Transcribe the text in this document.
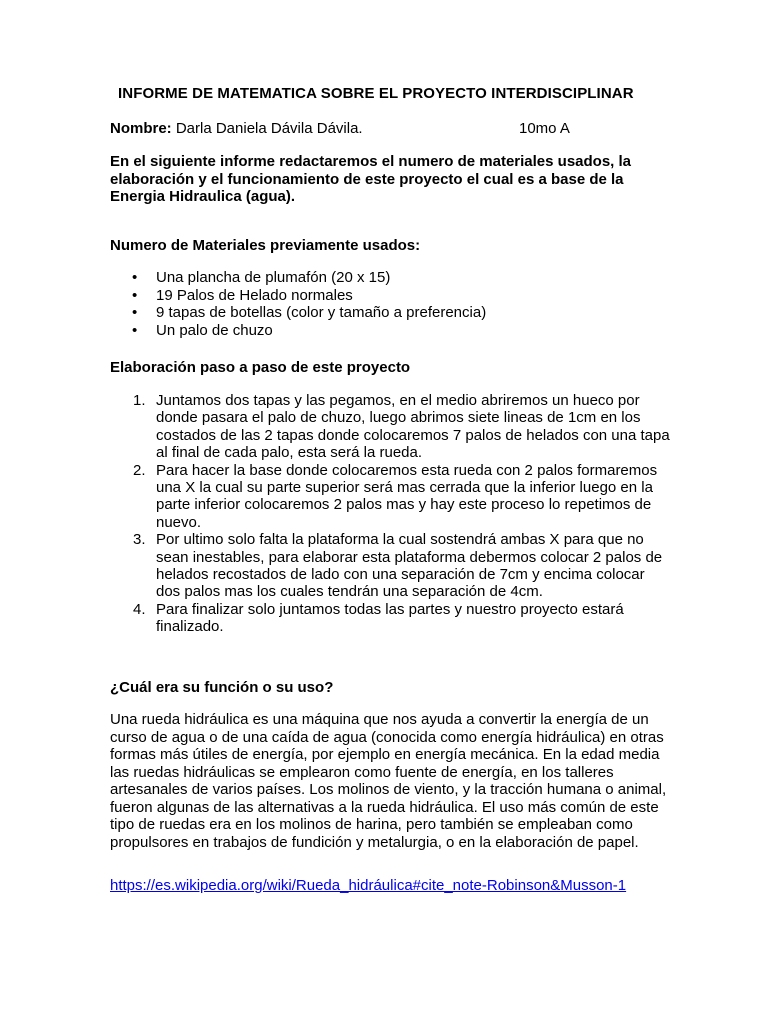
INFORME DE MATEMATICA SOBRE EL PROYECTO INTERDISCIPLINAR
Nombre: Darla Daniela Dávila Dávila.	10mo A
En el siguiente informe redactaremos el numero de materiales usados, la elaboración y el funcionamiento de este proyecto el cual es a base de la Energia Hidraulica (agua).
Numero de Materiales previamente usados:
• Una plancha de plumafón (20 x 15)
• 19 Palos de Helado normales
• 9 tapas de botellas (color y tamaño a preferencia)
• Un palo de chuzo
Elaboración paso a paso de este proyecto
1. Juntamos dos tapas y las pegamos, en el medio abriremos un hueco por donde pasara el palo de chuzo, luego abrimos siete lineas de 1cm en los costados de las 2 tapas donde colocaremos 7 palos de helados con una tapa al final de cada palo, esta será la rueda.
2. Para hacer la base donde colocaremos esta rueda con 2 palos formaremos una X la cual su parte superior será mas cerrada que la inferior luego en la parte inferior colocaremos 2 palos mas y hay este proceso lo repetimos de nuevo.
3. Por ultimo solo falta la plataforma la cual sostendrá ambas X para que no sean inestables, para elaborar esta plataforma debermos colocar 2 palos de helados recostados de lado con una separación de 7cm y encima colocar dos palos mas los cuales tendrán una separación de 4cm.
4. Para finalizar solo juntamos todas las partes y nuestro proyecto estará finalizado.
¿Cuál era su función o su uso?
Una rueda hidráulica es una máquina que nos ayuda a convertir la energía de un curso de agua o de una caída de agua (conocida como energía hidráulica) en otras formas más útiles de energía, por ejemplo en energía mecánica. En la edad media las ruedas hidráulicas se emplearon como fuente de energía, en los talleres artesanales de varios países. Los molinos de viento, y la tracción humana o animal, fueron algunas de las alternativas a la rueda hidráulica. El uso más común de este tipo de ruedas era en los molinos de harina, pero también se empleaban como propulsores en trabajos de fundición y metalurgia, o en la elaboración de papel.
https://es.wikipedia.org/wiki/Rueda_hidráulica#cite_note-Robinson&Musson-1
